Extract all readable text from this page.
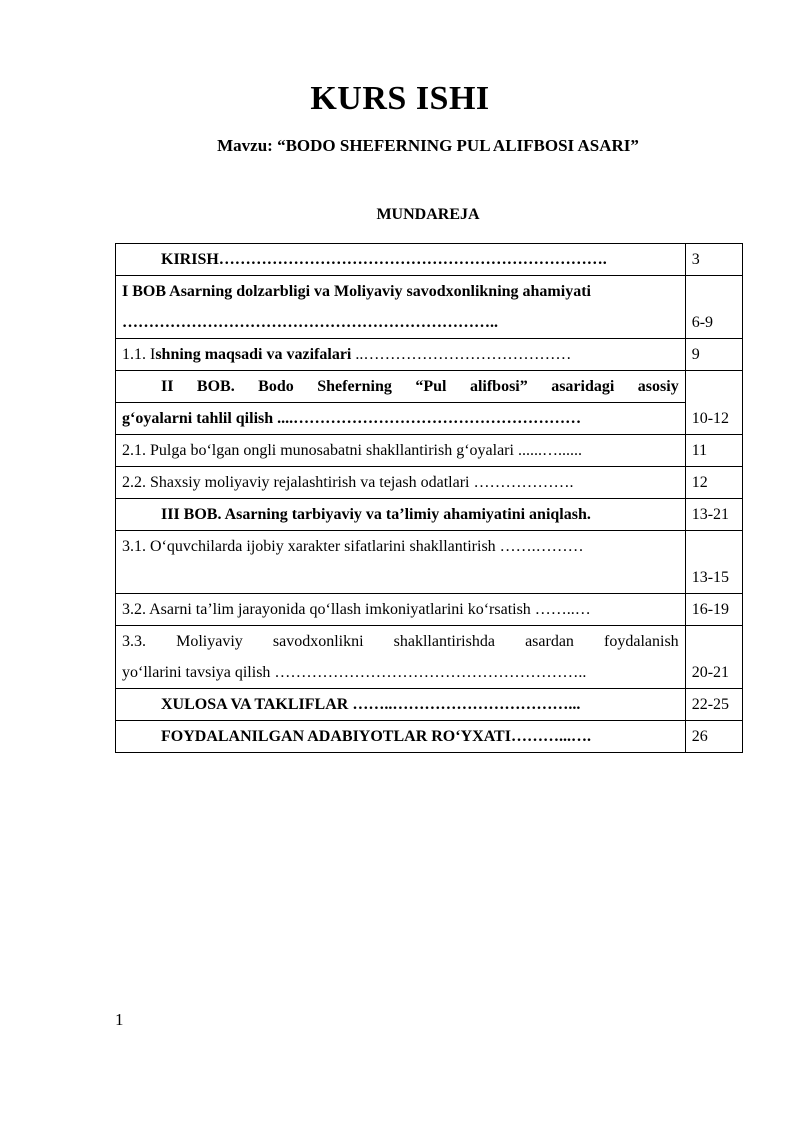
KURS ISHI
Mavzu: “BODO SHEFERNING PUL ALIFBOSI ASARI”
MUNDAREJA
KIRISH……………………………………………………………….	3
I BOB Asarning dolzarbligi va Moliyaviy savodxonlikning ahamiyati
……………………………………………………………..	6-9
1.1. Ishning maqsadi va vazifalari ..…………………………………	9

II BOB. Bodo Sheferning “Pul alifbosi” asaridagi asosiy	

g‘oyalarni tahlil qilish ....………………………………………………	10-12
2.1. Pulga bo‘lgan ongli munosabatni shakllantirish g‘oyalari ......…......	11
2.2. Shaxsiy moliyaviy rejalashtirish va tejash odatlari ……………….	12
III BOB. Asarning tarbiyaviy va ta’limiy ahamiyatini aniqlash.	13-21
3.1. O‘quvchilarda ijobiy xarakter sifatlarini shakllantirish …….………	13-15
3.2. Asarni ta’lim jarayonida qo‘llash imkoniyatlarini ko‘rsatish ……..…	16-19

3.3. Moliyaviy savodxonlikni shakllantirishda asardan foydalanish
yo‘llarini tavsiya qilish …………………………………………………..	20-21
XULOSA VA TAKLIFLAR ……..……………………………...	22-25
FOYDALANILGAN ADABIYOTLAR RO‘YXATI………...….	26
1
